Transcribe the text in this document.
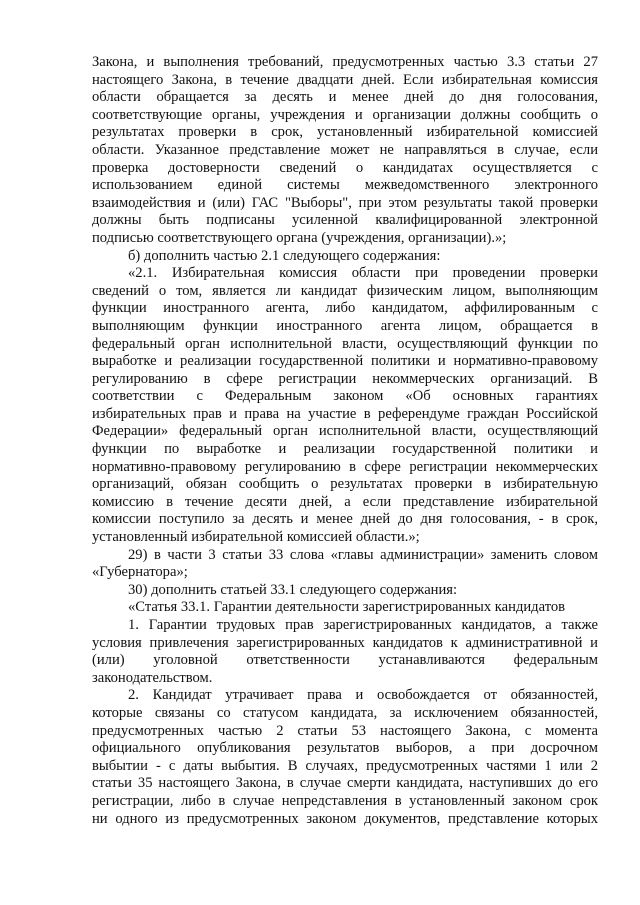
Закона, и выполнения требований, предусмотренных частью 3.3 статьи 27
настоящего Закона, в течение двадцати дней. Если избирательная комиссия
области обращается за десять и менее дней до дня голосования,
соответствующие органы, учреждения и организации должны сообщить о
результатах проверки в срок, установленный избирательной комиссией
области. Указанное представление может не направляться в случае, если
проверка достоверности сведений о кандидатах осуществляется с
использованием единой системы межведомственного электронного
взаимодействия и (или) ГАС "Выборы", при этом результаты такой проверки
должны быть подписаны усиленной квалифицированной электронной
подписью соответствующего органа (учреждения, организации).»;
б) дополнить частью 2.1 следующего содержания:
«2.1. Избирательная комиссия области при проведении проверки
сведений о том, является ли кандидат физическим лицом, выполняющим
функции иностранного агента, либо кандидатом, аффилированным с
выполняющим функции иностранного агента лицом, обращается в
федеральный орган исполнительной власти, осуществляющий функции по
выработке и реализации государственной политики и нормативно-правовому
регулированию в сфере регистрации некоммерческих организаций. В
соответствии с Федеральным законом «Об основных гарантиях
избирательных прав и права на участие в референдуме граждан Российской
Федерации» федеральный орган исполнительной власти, осуществляющий
функции по выработке и реализации государственной политики и
нормативно-правовому регулированию в сфере регистрации некоммерческих
организаций, обязан сообщить о результатах проверки в избирательную
комиссию в течение десяти дней, а если представление избирательной
комиссии поступило за десять и менее дней до дня голосования, - в срок,
установленный избирательной комиссией области.»;
29) в части 3 статьи 33 слова «главы администрации» заменить словом
«Губернатора»;
30) дополнить статьей 33.1 следующего содержания:
«Статья 33.1. Гарантии деятельности зарегистрированных кандидатов
1. Гарантии трудовых прав зарегистрированных кандидатов, а также
условия привлечения зарегистрированных кандидатов к административной и
(или) уголовной ответственности устанавливаются федеральным
законодательством.
2. Кандидат утрачивает права и освобождается от обязанностей,
которые связаны со статусом кандидата, за исключением обязанностей,
предусмотренных частью 2 статьи 53 настоящего Закона, с момента
официального опубликования результатов выборов, а при досрочном
выбытии - с даты выбытия. В случаях, предусмотренных частями 1 или 2
статьи 35 настоящего Закона, в случае смерти кандидата, наступивших до его
регистрации, либо в случае непредставления в установленный законом срок
ни одного из предусмотренных законом документов, представление которых
